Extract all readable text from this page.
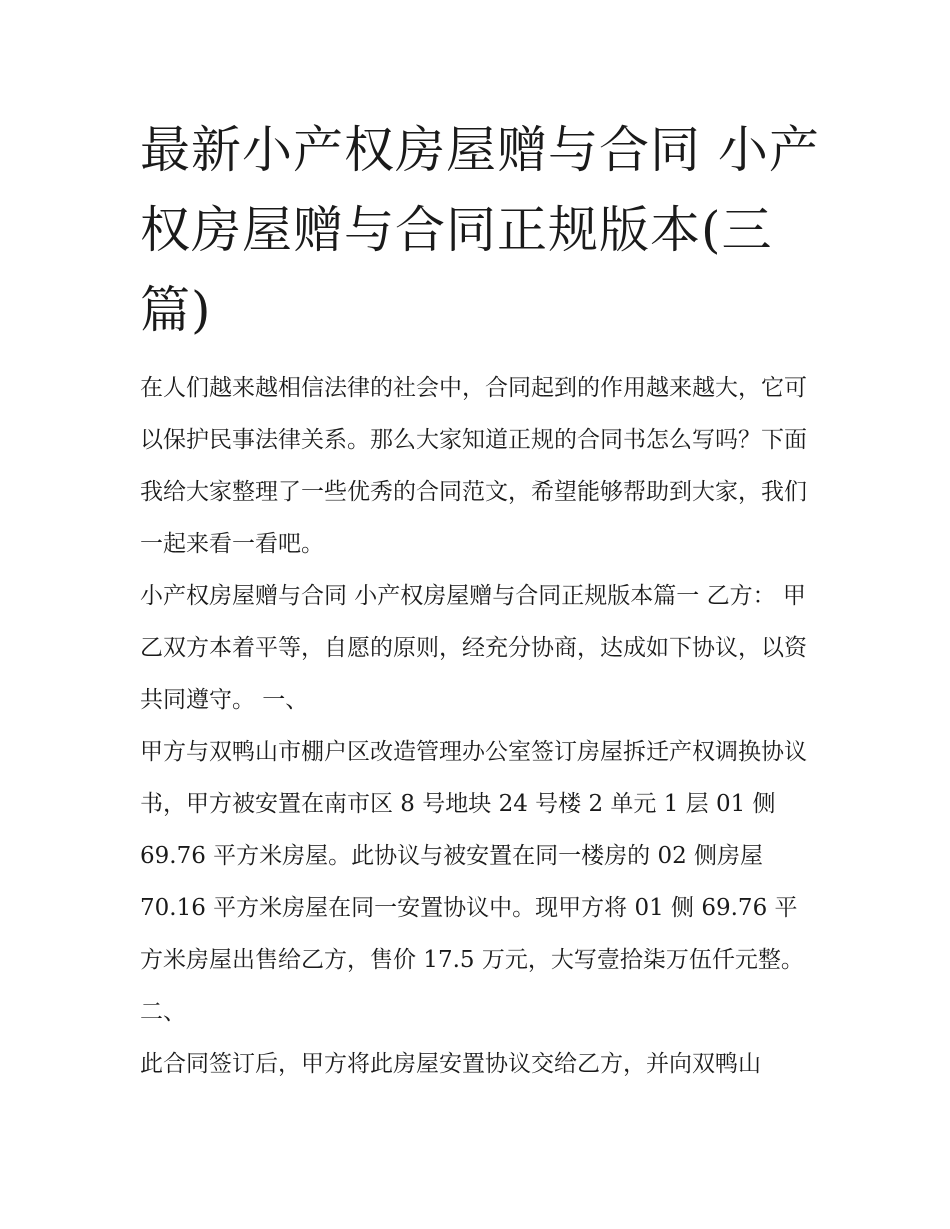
最新小产权房屋赠与合同 小产权房屋赠与合同正规版本(三篇)

在人们越来越相信法律的社会中，合同起到的作用越来越大，它可以保护民事法律关系。那么大家知道正规的合同书怎么写吗？下面我给大家整理了一些优秀的合同范文，希望能够帮助到大家，我们一起来看一看吧。

小产权房屋赠与合同 小产权房屋赠与合同正规版本篇一 乙方： 甲乙双方本着平等，自愿的原则，经充分协商，达成如下协议，以资共同遵守。 一、

甲方与双鸭山市棚户区改造管理办公室签订房屋拆迁产权调换协议书，甲方被安置在南市区 8 号地块 24 号楼 2 单元 1 层 01 侧

69.76 平方米房屋。此协议与被安置在同一楼房的 02 侧房屋 70.16 平方米房屋在同一安置协议中。现甲方将 01 侧 69.76 平方米房屋出售给乙方，售价 17.5 万元，大写壹拾柒万伍仟元整。 二、

此合同签订后，甲方将此房屋安置协议交给乙方，并向双鸭山
